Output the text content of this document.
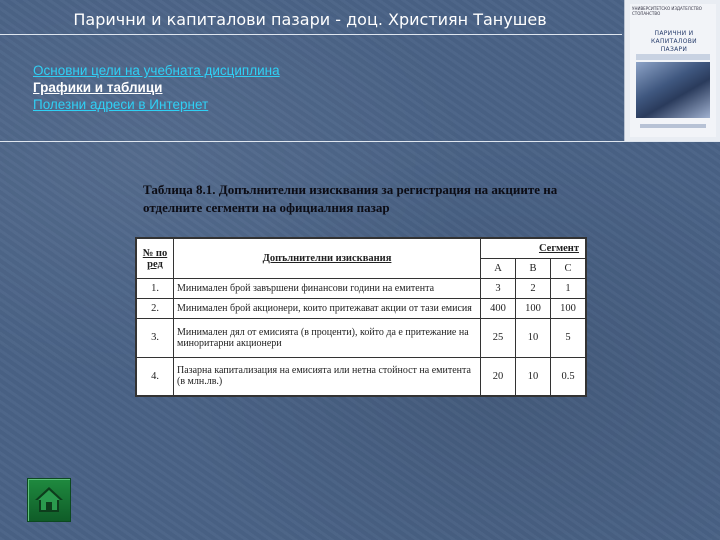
Парични и капиталови пазари - доц. Християн Танушев
УНИВЕРСИТЕТСКО ИЗДАТЕЛСТВО СТОПАНСТВО
ПАРИЧНИ И
КАПИТАЛОВИ ПАЗАРИ
Основни цели на учебната дисциплина
Графики и таблици
Полезни адреси в Интернет
Таблица 8.1. Допълнителни изисквания за регистрация на акциите на отделните сегменти на официалния пазар
№ по ред	Допълнителни изисквания	Сегмент		
		А	В	С
1.	Минимален брой завършени финансови години на емитента	3	2	1
2.	Минимален брой акционери, които притежават акции от тази емисия	400	100	100
3.	Минимален дял от емисията (в проценти), който да е притежание на миноритарни акционери	25	10	5
4.	Пазарна капитализация на емисията или нетна стойност на емитента (в млн.лв.)	20	10	0.5
